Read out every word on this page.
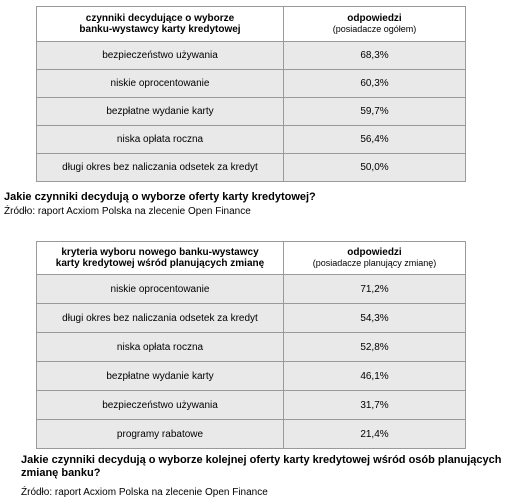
czynniki decydujące o wyborze
banku-wystawcy karty kredytowej	odpowiedzi
(posiadacze ogółem)

bezpieczeństwo używania	68,3%
niskie oprocentowanie	60,3%
bezpłatne wydanie karty	59,7%
niska opłata roczna	56,4%
długi okres bez naliczania odsetek za kredyt	50,0%

Jakie czynniki decydują o wyborze oferty karty kredytowej?

Źródło: raport Acxiom Polska na zlecenie Open Finance

kryteria wyboru nowego banku-wystawcy
karty kredytowej wśród planujących zmianę	odpowiedzi
(posiadacze planujący zmianę)

niskie oprocentowanie	71,2%
długi okres bez naliczania odsetek za kredyt	54,3%
niska opłata roczna	52,8%
bezpłatne wydanie karty	46,1%
bezpieczeństwo używania	31,7%
programy rabatowe	21,4%

Jakie czynniki decydują o wyborze kolejnej oferty karty kredytowej wśród osób planujących zmianę banku?

Źródło: raport Acxiom Polska na zlecenie Open Finance
